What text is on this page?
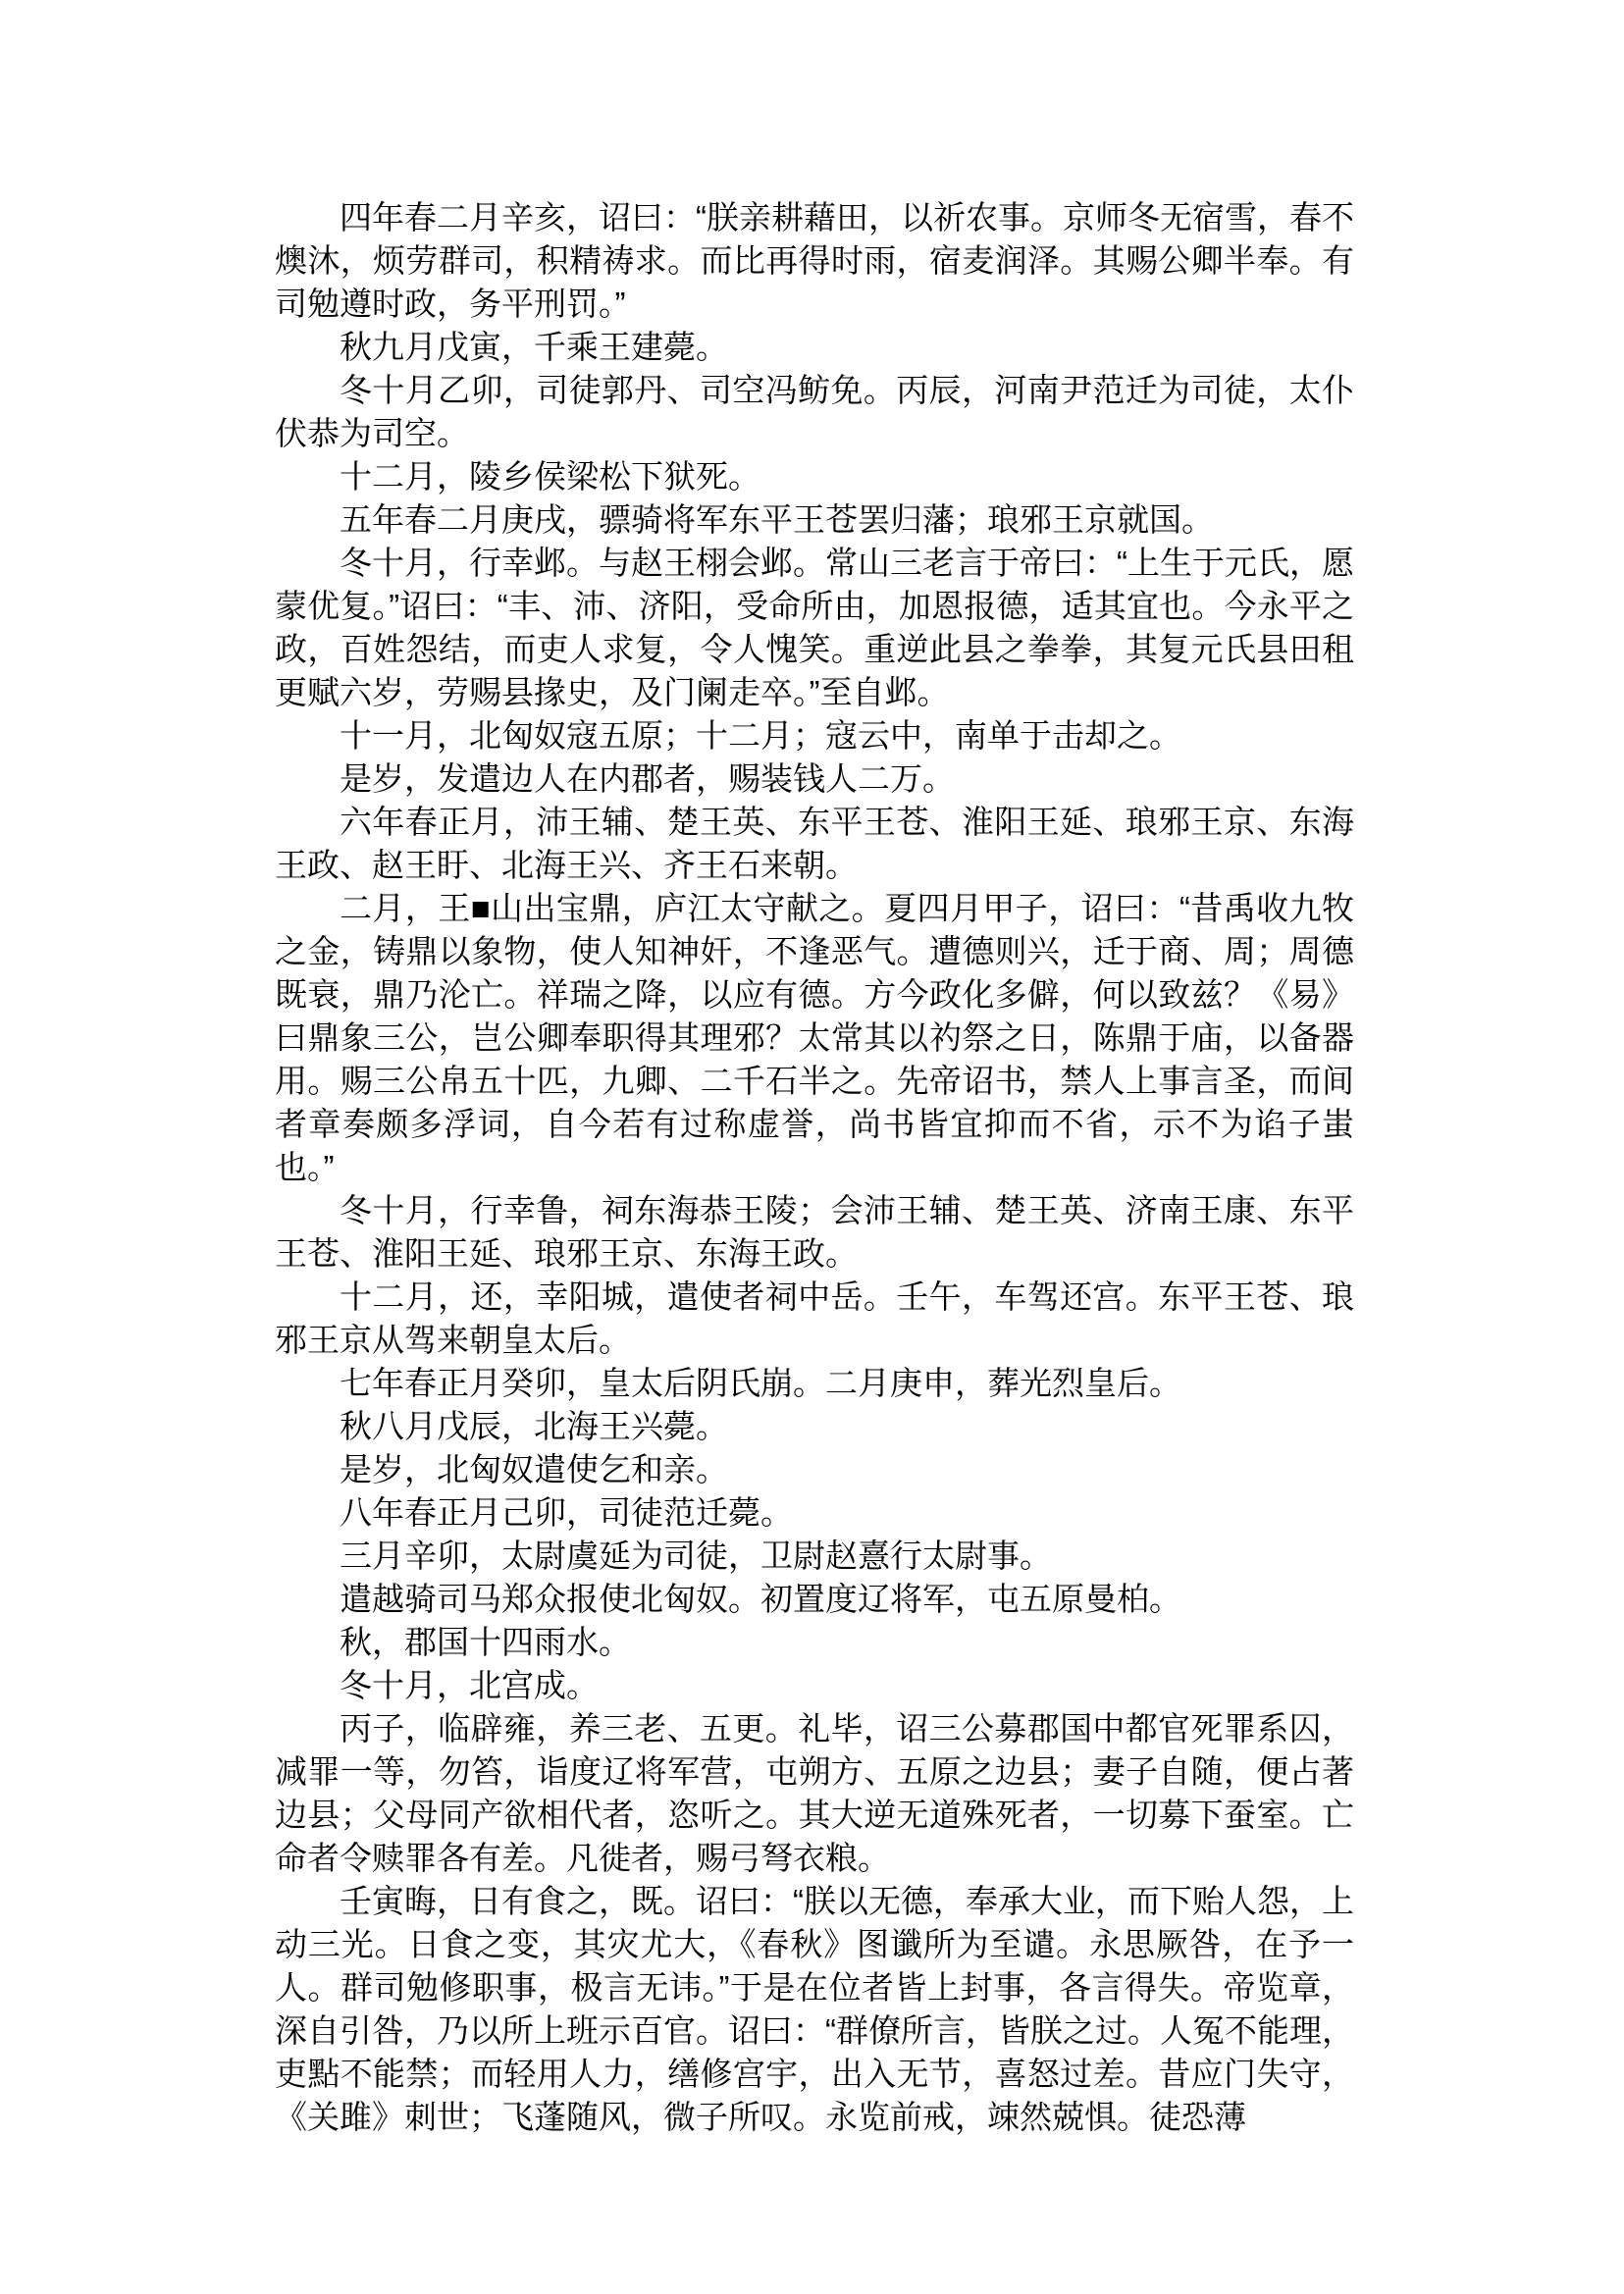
四年春二月辛亥，诏曰：“朕亲耕藉田，以祈农事。京师冬无宿雪，春不燠沐，烦劳群司，积精祷求。而比再得时雨，宿麦润泽。其赐公卿半奉。有司勉遵时政，务平刑罚。”

秋九月戊寅，千乘王建薨。

冬十月乙卯，司徒郭丹、司空冯鲂免。丙辰，河南尹范迁为司徒，太仆伏恭为司空。

十二月，陵乡侯梁松下狱死。

五年春二月庚戌，骠骑将军东平王苍罢归藩；琅邪王京就国。

冬十月，行幸邺。与赵王栩会邺。常山三老言于帝曰：“上生于元氏，愿蒙优复。”诏曰：“丰、沛、济阳，受命所由，加恩报德，适其宜也。今永平之政，百姓怨结，而吏人求复，令人愧笑。重逆此县之拳拳，其复元氏县田租更赋六岁，劳赐县掾史，及门阑走卒。”至自邺。

十一月，北匈奴寇五原；十二月；寇云中，南单于击却之。

是岁，发遣边人在内郡者，赐装钱人二万。

六年春正月，沛王辅、楚王英、东平王苍、淮阳王延、琅邪王京、东海王政、赵王盱、北海王兴、齐王石来朝。

二月，王■山出宝鼎，庐江太守献之。夏四月甲子，诏曰：“昔禹收九牧之金，铸鼎以象物，使人知神奸，不逢恶气。遭德则兴，迁于商、周；周德既衰，鼎乃沦亡。祥瑞之降，以应有德。方今政化多僻，何以致兹？《易》曰鼎象三公，岂公卿奉职得其理邪？太常其以礿祭之日，陈鼎于庙，以备器用。赐三公帛五十匹，九卿、二千石半之。先帝诏书，禁人上事言圣，而间者章奏颇多浮词，自今若有过称虚誉，尚书皆宜抑而不省，示不为谄子蚩也。”

冬十月，行幸鲁，祠东海恭王陵；会沛王辅、楚王英、济南王康、东平王苍、淮阳王延、琅邪王京、东海王政。

十二月，还，幸阳城，遣使者祠中岳。壬午，车驾还宫。东平王苍、琅邪王京从驾来朝皇太后。

七年春正月癸卯，皇太后阴氏崩。二月庚申，葬光烈皇后。

秋八月戊辰，北海王兴薨。

是岁，北匈奴遣使乞和亲。

八年春正月己卯，司徒范迁薨。

三月辛卯，太尉虞延为司徒，卫尉赵憙行太尉事。

遣越骑司马郑众报使北匈奴。初置度辽将军，屯五原曼柏。

秋，郡国十四雨水。

冬十月，北宫成。

丙子，临辟雍，养三老、五更。礼毕，诏三公募郡国中都官死罪系囚，减罪一等，勿笞，诣度辽将军营，屯朔方、五原之边县；妻子自随，便占著边县；父母同产欲相代者，恣听之。其大逆无道殊死者，一切募下蚕室。亡命者令赎罪各有差。凡徙者，赐弓弩衣粮。

壬寅晦，日有食之，既。诏曰：“朕以无德，奉承大业，而下贻人怨，上动三光。日食之变，其灾尤大，《春秋》图谶所为至谴。永思厥咎，在予一人。群司勉修职事，极言无讳。”于是在位者皆上封事，各言得失。帝览章，深自引咎，乃以所上班示百官。诏曰：“群僚所言，皆朕之过。人冤不能理，吏點不能禁；而轻用人力，缮修宫宇，出入无节，喜怒过差。昔应门失守，《关雎》刺世；飞蓬随风，微子所叹。永览前戒，竦然兢惧。徒恐薄
